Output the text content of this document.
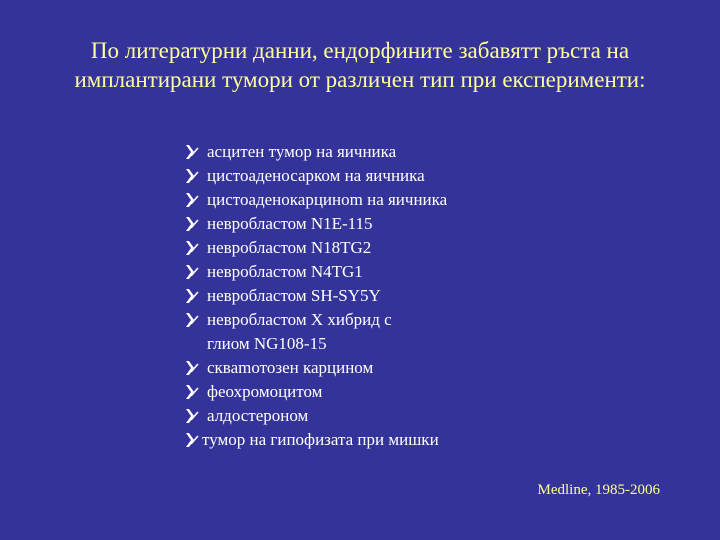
По литературни данни, ендорфините забавятт ръста на
имплантирани тумори от различен тип при експерименти:
асцитен тумор на яичника
цистоаденосарком на яичника
цистоаденокарциноm на яичника
невробластом N1E-115
невробластом N18TG2
невробластом N4TG1
невробластом SH-SY5Y
невробластом Х хибрид с
глиом NG108-15
скваmотозен карцином
феохромоцитом
алдостероном
тумор на гипофизата при мишки
Medline, 1985-2006
